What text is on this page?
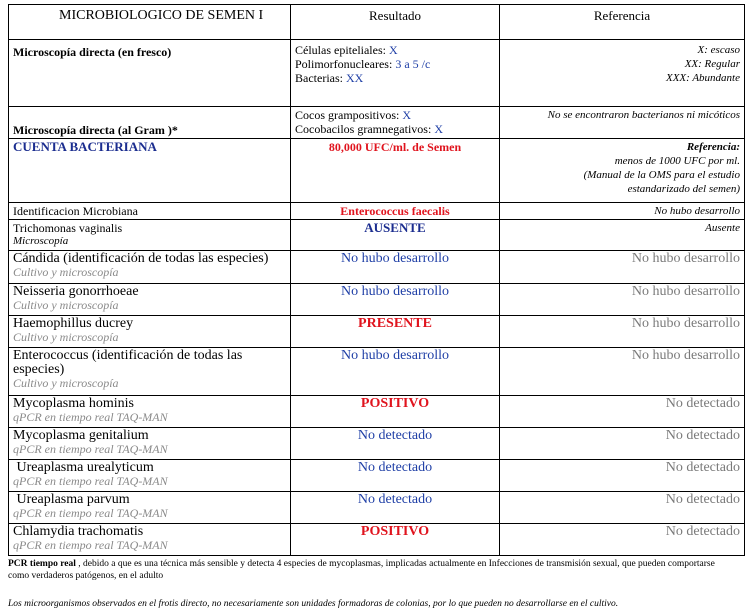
MICROBIOLOGICO DE SEMEN I	Resultado	Referencia
Microscopía directa (en fresco)	Células epiteliales: X
Polimorfonucleares: 3 a 5 /c
Bacterias: XX	X: escaso
XX: Regular
XXX: Abundante

Microscopía directa (al Gram )*	Cocos grampositivos: X
Cocobacilos gramnegativos: X	No se encontraron bacterianos ni micóticos
CUENTA BACTERIANA	80,000 UFC/ml. de Semen	Referencia:
menos de 1000 UFC por ml.
(Manual de la OMS para el estudio
estandarizado del semen)

Identificacion Microbiana	Enterococcus faecalis	No hubo desarrollo

Trichomonas vaginalis
Microscopía	AUSENTE	Ausente

Cándida (identificación de todas las especies)
Cultivo y microscopía	No hubo desarrollo	No hubo desarrollo

Neisseria gonorrhoeae
Cultivo y microscopía	No hubo desarrollo	No hubo desarrollo

Haemophillus ducrey
Cultivo y microscopía	PRESENTE	No hubo desarrollo

Enterococcus (identificación de todas las especies)
Cultivo y microscopía	No hubo desarrollo	No hubo desarrollo

Mycoplasma hominis
qPCR en tiempo real TAQ-MAN	POSITIVO	No detectado

Mycoplasma genitalium
qPCR en tiempo real TAQ-MAN	No detectado	No detectado

Ureaplasma urealyticum
qPCR en tiempo real TAQ-MAN	No detectado	No detectado

Ureaplasma parvum
qPCR en tiempo real TAQ-MAN	No detectado	No detectado

Chlamydia trachomatis
qPCR en tiempo real TAQ-MAN	POSITIVO	No detectado
PCR tiempo real , debido a que es una técnica más sensible y detecta 4 especies de mycoplasmas, implicadas actualmente en Infecciones de transmisión sexual, que pueden comportarse como verdaderos patógenos, en el adulto
Los microorganismos observados en el frotis directo, no necesariamente son unidades formadoras de colonias, por lo que pueden no desarrollarse en el cultivo.
